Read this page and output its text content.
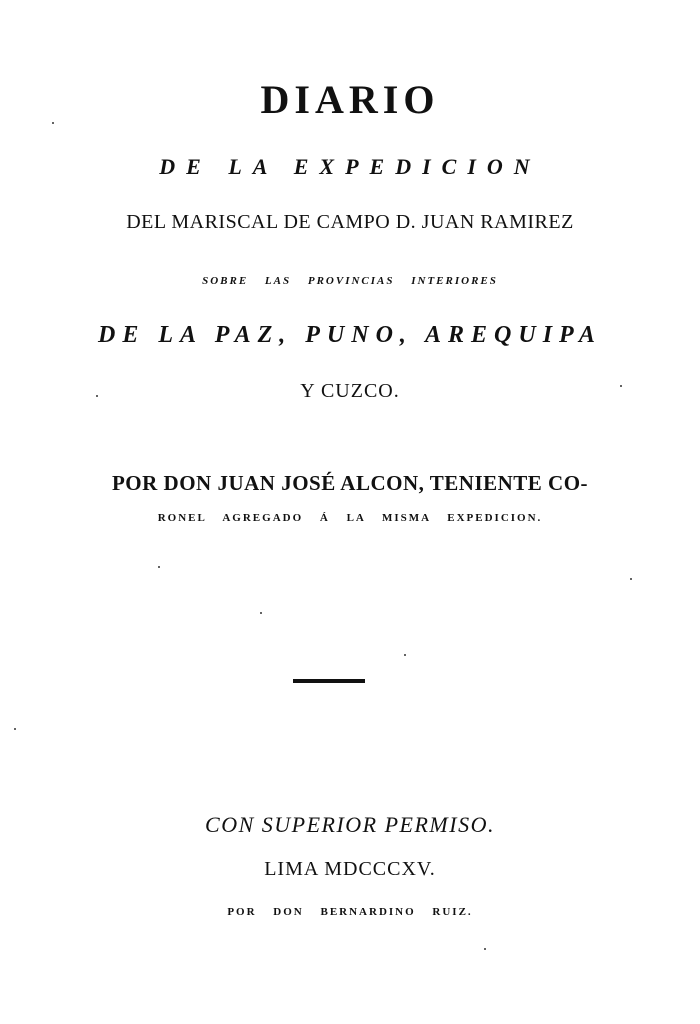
DIARIO

DE LA EXPEDICION

DEL MARISCAL DE CAMPO D. JUAN RAMIREZ

SOBRE LAS PROVINCIAS INTERIORES

DE LA PAZ, PUNO, AREQUIPA

Y CUZCO.

POR DON JUAN JOSÉ ALCON, TENIENTE CO-

RONEL AGREGADO Á LA MISMA EXPEDICION.

CON SUPERIOR PERMISO.

LIMA MDCCCXV.

POR DON BERNARDINO RUIZ.
